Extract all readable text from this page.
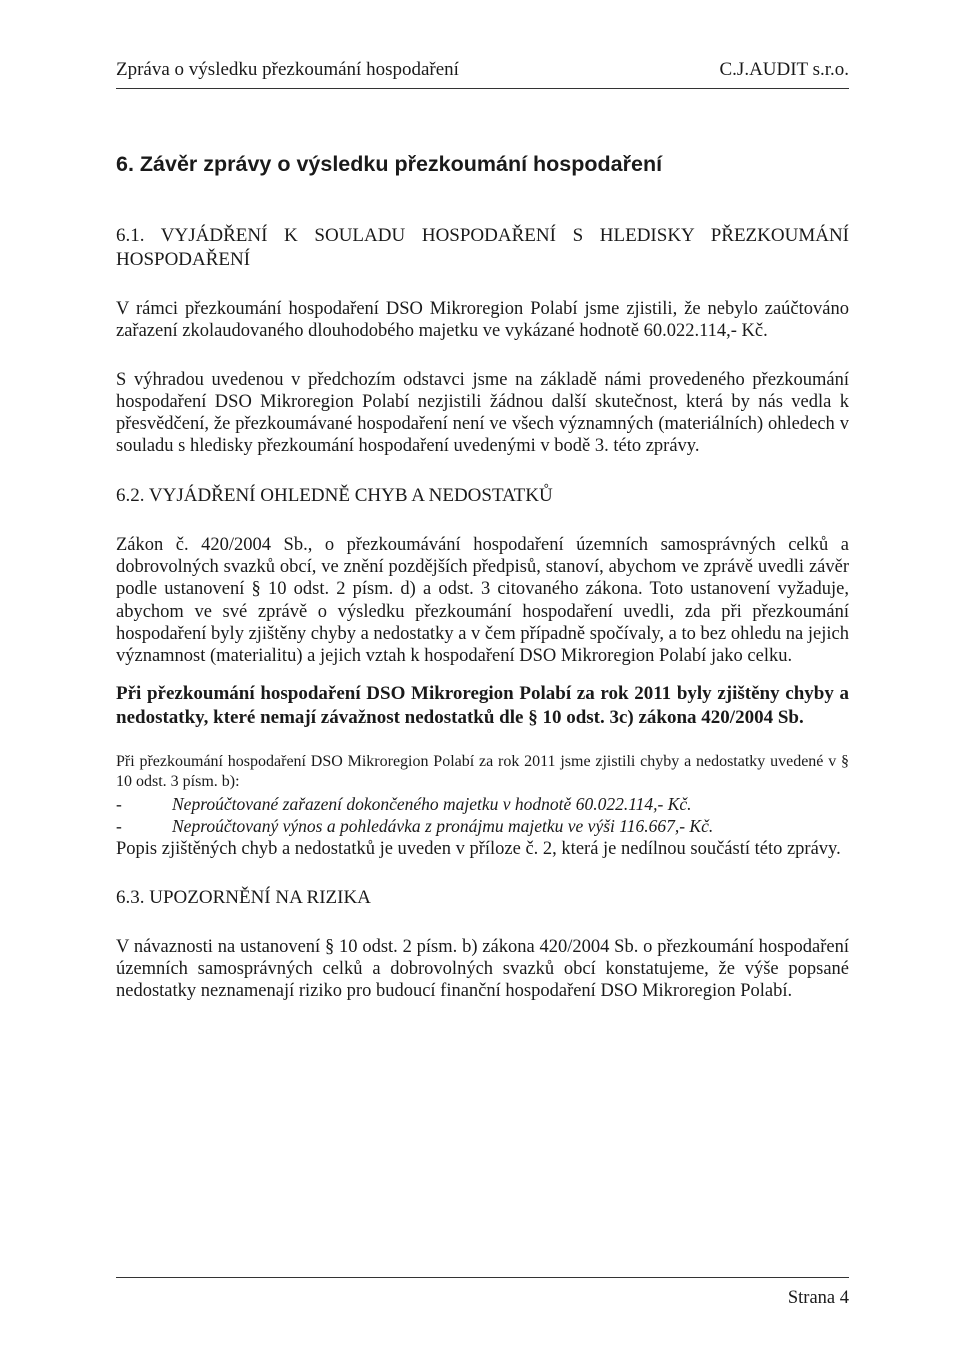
Zpráva o výsledku přezkoumání hospodaření	C.J.AUDIT s.r.o.
6. Závěr zprávy o výsledku přezkoumání hospodaření
6.1. VYJÁDŘENÍ K SOULADU HOSPODAŘENÍ S HLEDISKY PŘEZKOUMÁNÍ
HOSPODAŘENÍ

V rámci přezkoumání hospodaření DSO Mikroregion Polabí jsme zjistili, že nebylo zaúčtováno zařazení zkolaudovaného dlouhodobého majetku ve vykázané hodnotě 60.022.114,- Kč.

S výhradou uvedenou v předchozím odstavci jsme na základě námi provedeného přezkoumání hospodaření DSO Mikroregion Polabí nezjistili žádnou další skutečnost, která by nás vedla k přesvědčení, že přezkoumávané hospodaření není ve všech významných (materiálních) ohledech v souladu s hledisky přezkoumání hospodaření uvedenými v bodě 3. této zprávy.

6.2. VYJÁDŘENÍ OHLEDNĚ CHYB A NEDOSTATKŮ

Zákon č. 420/2004 Sb., o přezkoumávání hospodaření územních samosprávných celků a dobrovolných svazků obcí, ve znění pozdějších předpisů, stanoví, abychom ve zprávě uvedli závěr podle ustanovení § 10 odst. 2 písm. d) a odst. 3 citovaného zákona. Toto ustanovení vyžaduje, abychom ve své zprávě o výsledku přezkoumání hospodaření uvedli, zda při přezkoumání hospodaření byly zjištěny chyby a nedostatky a v čem případně spočívaly, a to bez ohledu na jejich významnost (materialitu) a jejich vztah k hospodaření DSO Mikroregion Polabí jako celku.

Při přezkoumání hospodaření DSO Mikroregion Polabí za rok 2011 byly zjištěny chyby a nedostatky, které nemají závažnost nedostatků dle § 10 odst. 3c) zákona 420/2004 Sb.

Při přezkoumání hospodaření DSO Mikroregion Polabí za rok 2011 jsme zjistili chyby a nedostatky uvedené v § 10 odst. 3 písm. b):

-	Neproúčtované zařazení dokončeného majetku v hodnotě 60.022.114,- Kč.
-	Neproúčtovaný výnos a pohledávka z pronájmu majetku ve výši 116.667,- Kč.

Popis zjištěných chyb a nedostatků je uveden v příloze č. 2, která je nedílnou součástí této zprávy.

6.3. UPOZORNĚNÍ NA RIZIKA

V návaznosti na ustanovení § 10 odst. 2 písm. b) zákona 420/2004 Sb. o přezkoumání hospodaření územních samosprávných celků a dobrovolných svazků obcí konstatujeme, že výše popsané nedostatky neznamenají riziko pro budoucí finanční hospodaření DSO Mikroregion Polabí.

Strana 4
